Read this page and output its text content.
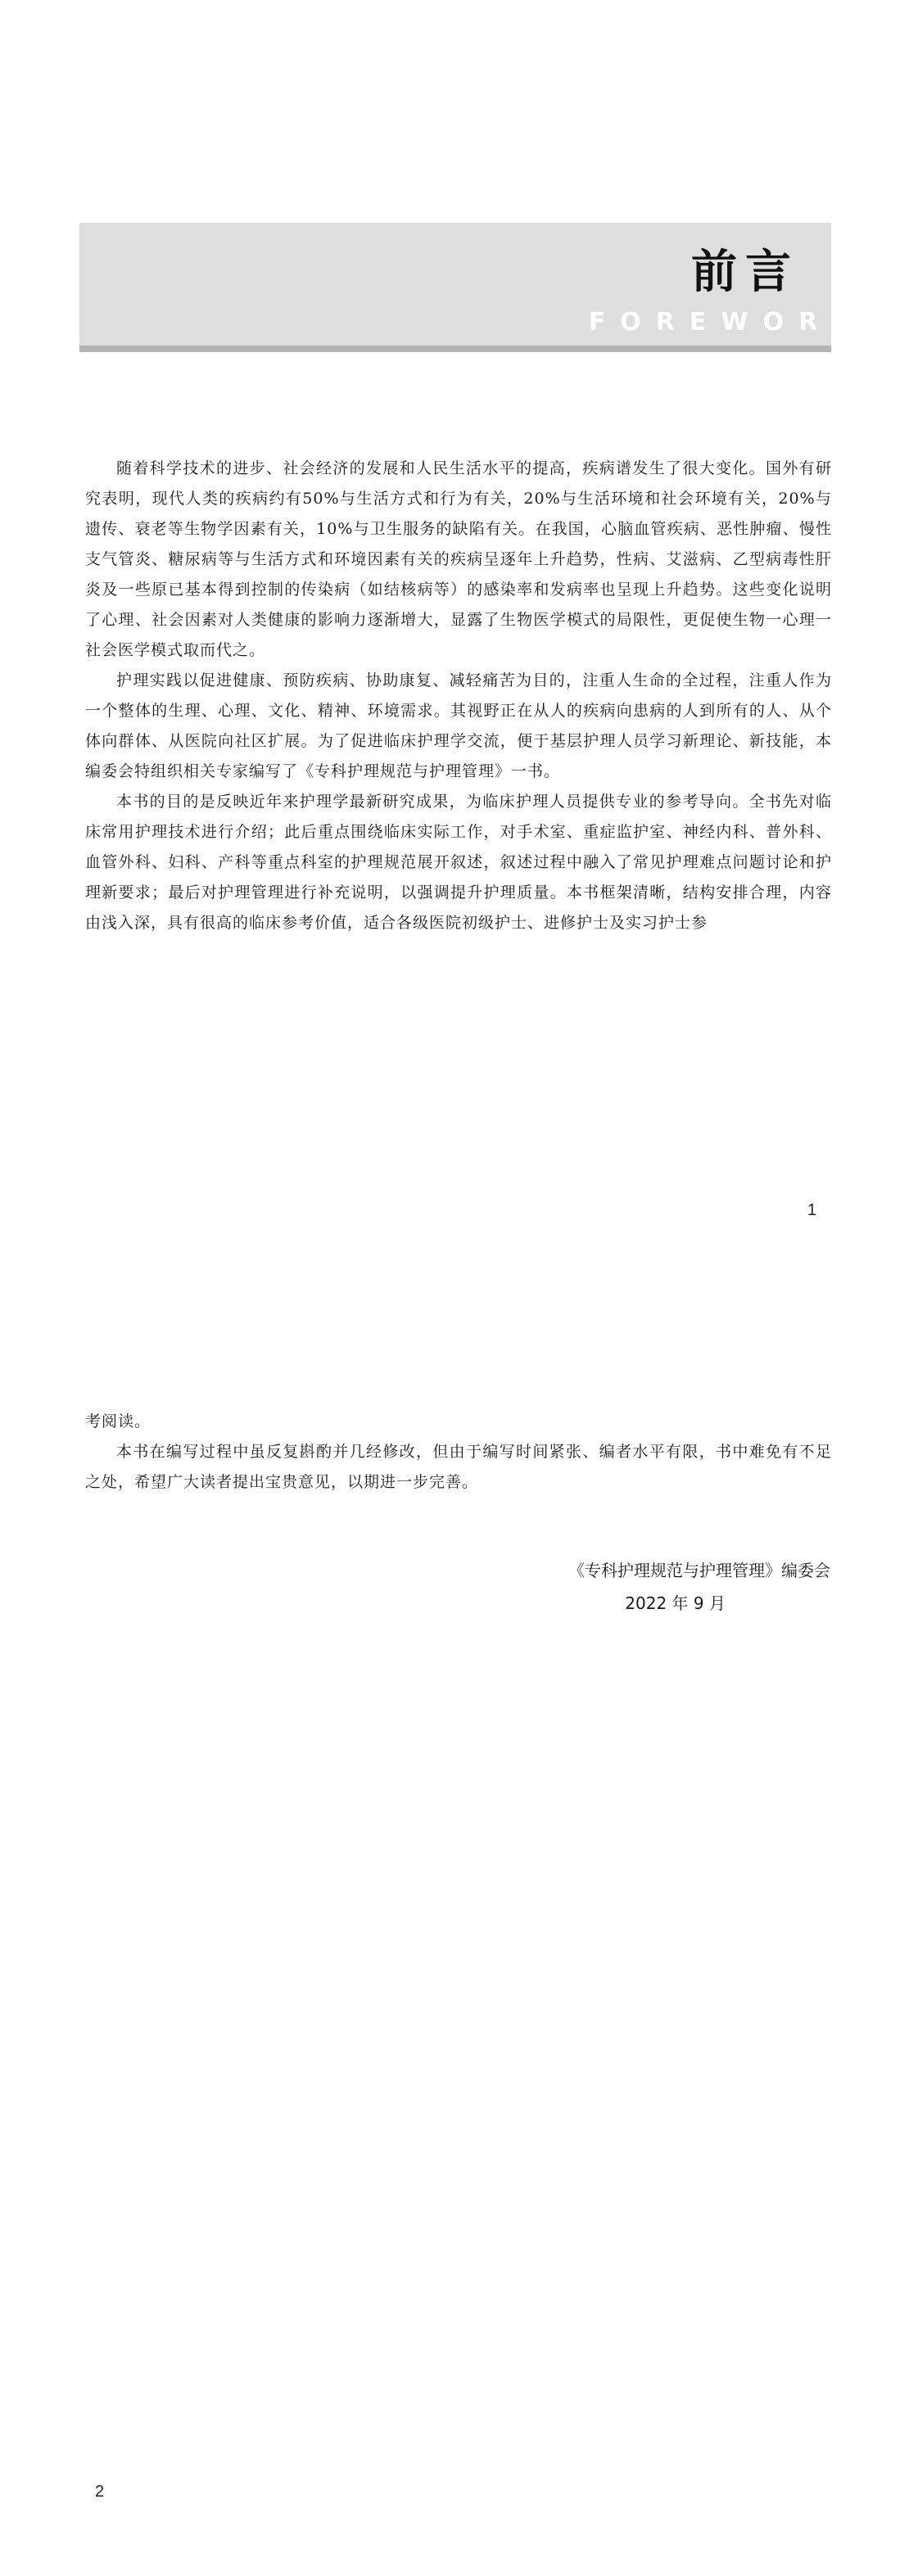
前言
FOREWORD

随着科学技术的进步、社会经济的发展和人民生活水平的提高，疾病谱发生了很大变化。国外有研究表明，现代人类的疾病约有50%与生活方式和行为有关，20%与生活环境和社会环境有关，20%与遗传、衰老等生物学因素有关，10%与卫生服务的缺陷有关。在我国，心脑血管疾病、恶性肿瘤、慢性支气管炎、糖尿病等与生活方式和环境因素有关的疾病呈逐年上升趋势，性病、艾滋病、乙型病毒性肝炎及一些原已基本得到控制的传染病（如结核病等）的感染率和发病率也呈现上升趋势。这些变化说明了心理、社会因素对人类健康的影响力逐渐增大，显露了生物医学模式的局限性，更促使生物一心理一社会医学模式取而代之。

护理实践以促进健康、预防疾病、协助康复、减轻痛苦为目的，注重人生命的全过程，注重人作为一个整体的生理、心理、文化、精神、环境需求。其视野正在从人的疾病向患病的人到所有的人、从个体向群体、从医院向社区扩展。为了促进临床护理学交流，便于基层护理人员学习新理论、新技能，本编委会特组织相关专家编写了《专科护理规范与护理管理》一书。

本书的目的是反映近年来护理学最新研究成果，为临床护理人员提供专业的参考导向。全书先对临床常用护理技术进行介绍；此后重点围绕临床实际工作，对手术室、重症监护室、神经内科、普外科、血管外科、妇科、产科等重点科室的护理规范展开叙述，叙述过程中融入了常见护理难点问题讨论和护理新要求；最后对护理管理进行补充说明，以强调提升护理质量。本书框架清晰，结构安排合理，内容由浅入深，具有很高的临床参考价值，适合各级医院初级护士、进修护士及实习护士参

1

考阅读。

本书在编写过程中虽反复斟酌并几经修改，但由于编写时间紧张、编者水平有限，书中难免有不足之处，希望广大读者提出宝贵意见，以期进一步完善。

《专科护理规范与护理管理》编委会
2022 年 9 月
2
